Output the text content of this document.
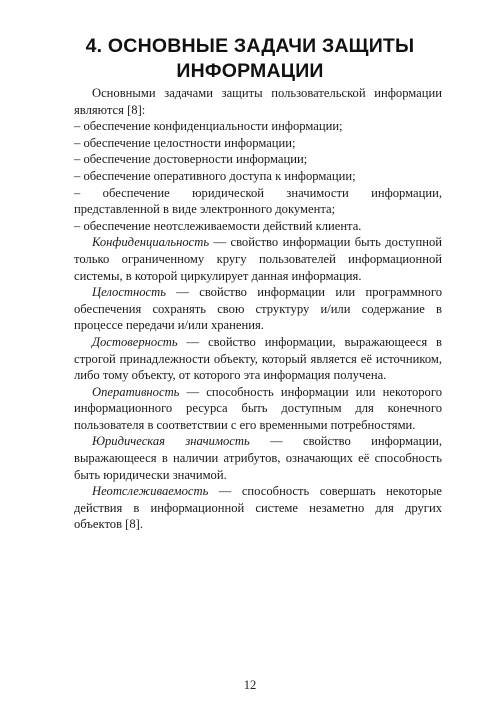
4. ОСНОВНЫЕ ЗАДАЧИ ЗАЩИТЫ
ИНФОРМАЦИИ

Основными задачами защиты пользовательской информации являются [8]:

– обеспечение конфиденциальности информации;

– обеспечение целостности информации;

– обеспечение достоверности информации;

– обеспечение оперативного доступа к информации;

– обеспечение юридической значимости информации, представленной в виде электронного документа;

– обеспечение неотслеживаемости действий клиента.

Конфиденциальность — свойство информации быть доступной только ограниченному кругу пользователей информационной системы, в которой циркулирует данная информация.

Целостность — свойство информации или программного обеспечения сохранять свою структуру и/или содержание в процессе передачи и/или хранения.

Достоверность — свойство информации, выражающееся в строгой принадлежности объекту, который является её источником, либо тому объекту, от которого эта информация получена.

Оперативность — способность информации или некоторого информационного ресурса быть доступным для конечного пользователя в соответствии с его временными потребностями.

Юридическая значимость — свойство информации, выражающееся в наличии атрибутов, означающих её способность быть юридически значимой.

Неотслеживаемость — способность совершать некоторые действия в информационной системе незаметно для других объектов [8].

12
